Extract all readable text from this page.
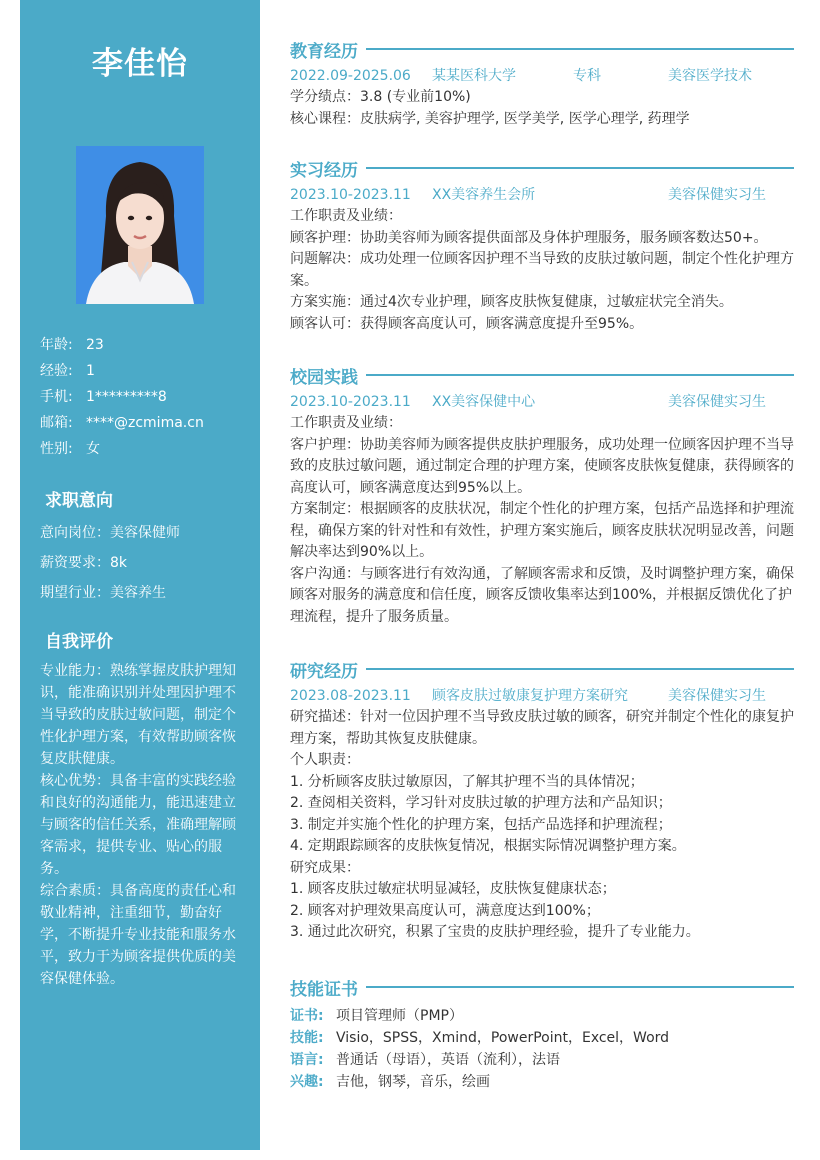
李佳怡
年龄: 23
经验: 1
手机: 1*********8
邮箱: ****@zcmima.cn
性别: 女
求职意向
意向岗位：美容保健师
薪资要求：8k
期望行业：美容养生
自我评价
专业能力：熟练掌握皮肤护理知识，能准确识别并处理因护理不当导致的皮肤过敏问题，制定个性化护理方案，有效帮助顾客恢复皮肤健康。
核心优势：具备丰富的实践经验和良好的沟通能力，能迅速建立与顾客的信任关系，准确理解顾客需求，提供专业、贴心的服务。
综合素质：具备高度的责任心和敬业精神，注重细节，勤奋好学，不断提升专业技能和服务水平，致力于为顾客提供优质的美容保健体验。
教育经历
2022.09-2025.06 某某医科大学	专科	美容医学技术
学分绩点：3.8 (专业前10%)
核心课程：皮肤病学, 美容护理学, 医学美学, 医学心理学, 药理学
实习经历
2023.10-2023.11 XX美容养生会所	美容保健实习生
工作职责及业绩：
顾客护理：协助美容师为顾客提供面部及身体护理服务，服务顾客数达50+。
问题解决：成功处理一位顾客因护理不当导致的皮肤过敏问题，制定个性化护理方案。
方案实施：通过4次专业护理，顾客皮肤恢复健康，过敏症状完全消失。
顾客认可：获得顾客高度认可，顾客满意度提升至95%。
校园实践
2023.10-2023.11 XX美容保健中心	美容保健实习生
工作职责及业绩：
客户护理：协助美容师为顾客提供皮肤护理服务，成功处理一位顾客因护理不当导致的皮肤过敏问题，通过制定合理的护理方案，使顾客皮肤恢复健康，获得顾客的高度认可，顾客满意度达到95%以上。
方案制定：根据顾客的皮肤状况，制定个性化的护理方案，包括产品选择和护理流程，确保方案的针对性和有效性，护理方案实施后，顾客皮肤状况明显改善，问题解决率达到90%以上。
客户沟通：与顾客进行有效沟通，了解顾客需求和反馈，及时调整护理方案，确保顾客对服务的满意度和信任度，顾客反馈收集率达到100%，并根据反馈优化了护理流程，提升了服务质量。
研究经历
2023.08-2023.11 顾客皮肤过敏康复护理方案研究	美容保健实习生
研究描述：针对一位因护理不当导致皮肤过敏的顾客，研究并制定个性化的康复护理方案，帮助其恢复皮肤健康。
个人职责：
1. 分析顾客皮肤过敏原因，了解其护理不当的具体情况；
2. 查阅相关资料，学习针对皮肤过敏的护理方法和产品知识；
3. 制定并实施个性化的护理方案，包括产品选择和护理流程；
4. 定期跟踪顾客的皮肤恢复情况，根据实际情况调整护理方案。
研究成果：
1. 顾客皮肤过敏症状明显减轻，皮肤恢复健康状态；
2. 顾客对护理效果高度认可，满意度达到100%；
3. 通过此次研究，积累了宝贵的皮肤护理经验，提升了专业能力。
技能证书
证书: 项目管理师（PMP）
技能: Visio，SPSS，Xmind，PowerPoint，Excel，Word
语言: 普通话（母语），英语（流利），法语
兴趣: 吉他，钢琴，音乐，绘画
